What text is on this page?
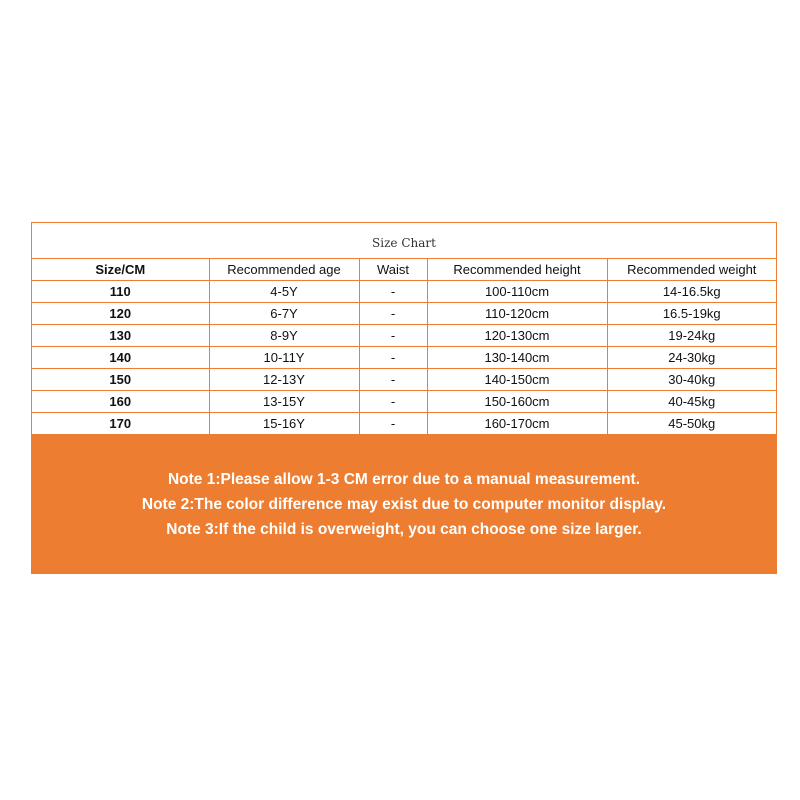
Size Chart
Size/CM	Recommended age	Waist	Recommended height	Recommended weight
110	4-5Y	-	100-110cm	14-16.5kg
120	6-7Y	-	110-120cm	16.5-19kg
130	8-9Y	-	120-130cm	19-24kg
140	10-11Y	-	130-140cm	24-30kg
150	12-13Y	-	140-150cm	30-40kg
160	13-15Y	-	150-160cm	40-45kg
170	15-16Y	-	160-170cm	45-50kg
Note 1:Please allow 1-3 CM error due to a manual measurement.
Note 2:The color difference may exist due to computer monitor display.
Note 3:If the child is overweight, you can choose one size larger.
